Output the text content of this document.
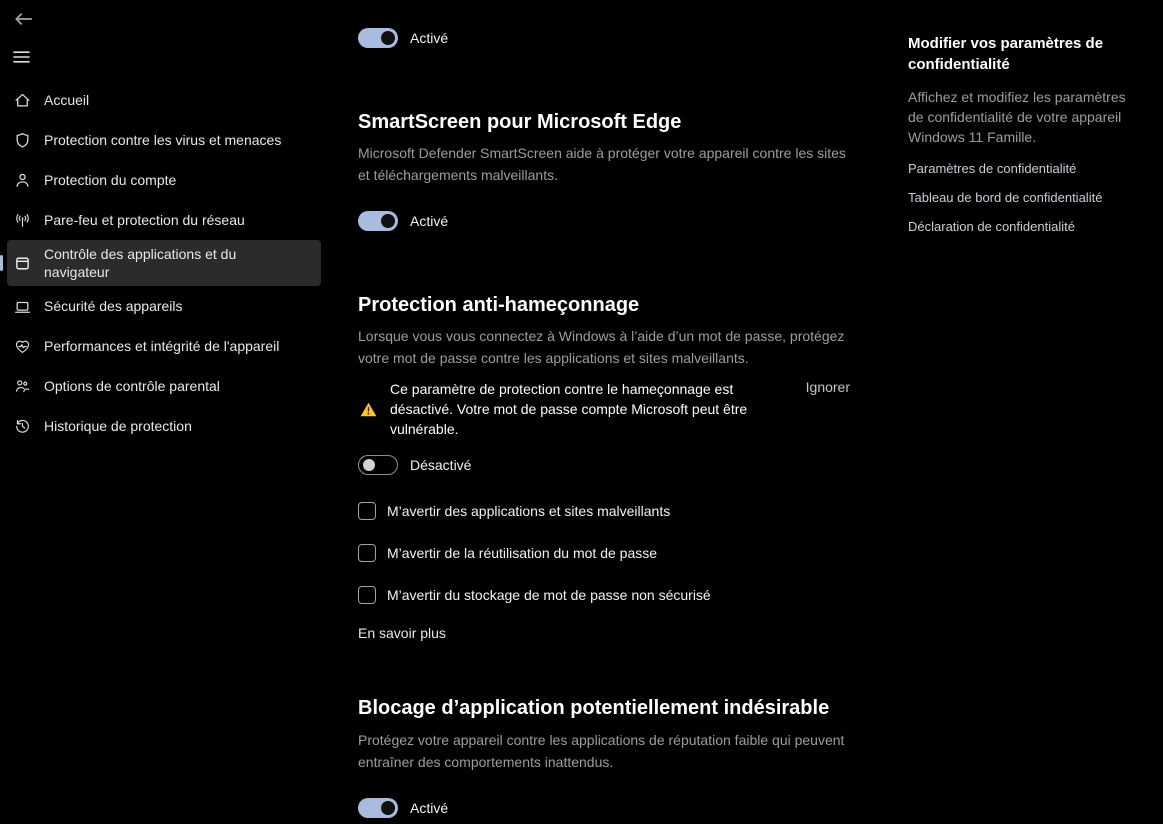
Accueil
Protection contre les virus et menaces
Protection du compte
Pare-feu et protection du réseau
Contrôle des applications et du navigateur
Sécurité des appareils
Performances et intégrité de l'appareil
Options de contrôle parental
Historique de protection
Activé
SmartScreen pour Microsoft Edge

Microsoft Defender SmartScreen aide à protéger votre appareil contre les sites et téléchargements malveillants.

Activé
Protection anti-hameçonnage

Lorsque vous vous connectez à Windows à l’aide d’un mot de passe, protégez votre mot de passe contre les applications et sites malveillants.

Ce paramètre de protection contre le hameçonnage est désactivé. Votre mot de passe compte Microsoft peut être vulnérable.
Ignorer
Désactivé
M’avertir des applications et sites malveillants
M’avertir de la réutilisation du mot de passe
M’avertir du stockage de mot de passe non sécurisé
En savoir plus
Blocage d’application potentiellement indésirable

Protégez votre appareil contre les applications de réputation faible qui peuvent entraîner des comportements inattendus.

Activé
Modifier vos paramètres de confidentialité

Affichez et modifiez les paramètres de confidentialité de votre appareil Windows 11 Famille.

Paramètres de confidentialité
Tableau de bord de confidentialité
Déclaration de confidentialité
